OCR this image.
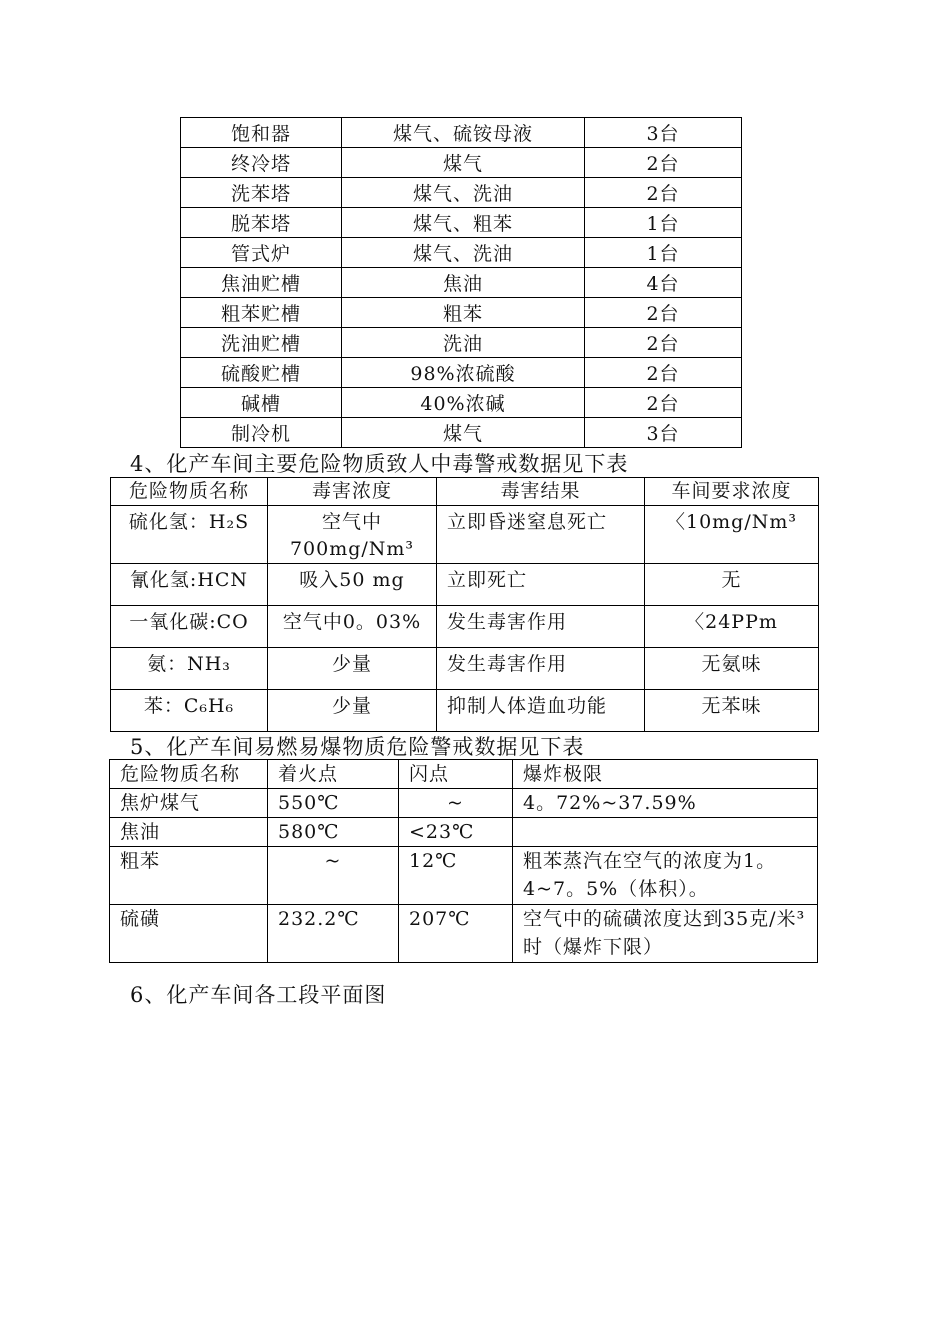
饱和器	煤气、硫铵母液	3台
终冷塔	煤气	2台
洗苯塔	煤气、洗油	2台
脱苯塔	煤气、粗苯	1台
管式炉	煤气、洗油	1台
焦油贮槽	焦油	4台
粗苯贮槽	粗苯	2台
洗油贮槽	洗油	2台
硫酸贮槽	98%浓硫酸	2台
碱槽	40%浓碱	2台
制冷机	煤气	3台
4、化产车间主要危险物质致人中毒警戒数据见下表
危险物质名称	毒害浓度	毒害结果	车间要求浓度
硫化氢：H₂S	空气中700mg/Nm³	立即昏迷窒息死亡	〈10mg/Nm³
氰化氢:HCN	吸入50 mg	立即死亡	无
一氧化碳:CO	空气中0。03%	发生毒害作用	〈24PPm
氨：NH₃	少量	发生毒害作用	无氨味
苯：C₆H₆	少量	抑制人体造血功能	无苯味
5、化产车间易燃易爆物质危险警戒数据见下表
危险物质名称	着火点	闪点	爆炸极限
焦炉煤气	550℃	~	4。72%~37.59%
焦油	580℃	<23℃	
粗苯	~	12℃	粗苯蒸汽在空气的浓度为1。4~7。5%（体积）。
硫磺	232.2℃	207℃	空气中的硫磺浓度达到35克/米³时（爆炸下限）
6、化产车间各工段平面图
